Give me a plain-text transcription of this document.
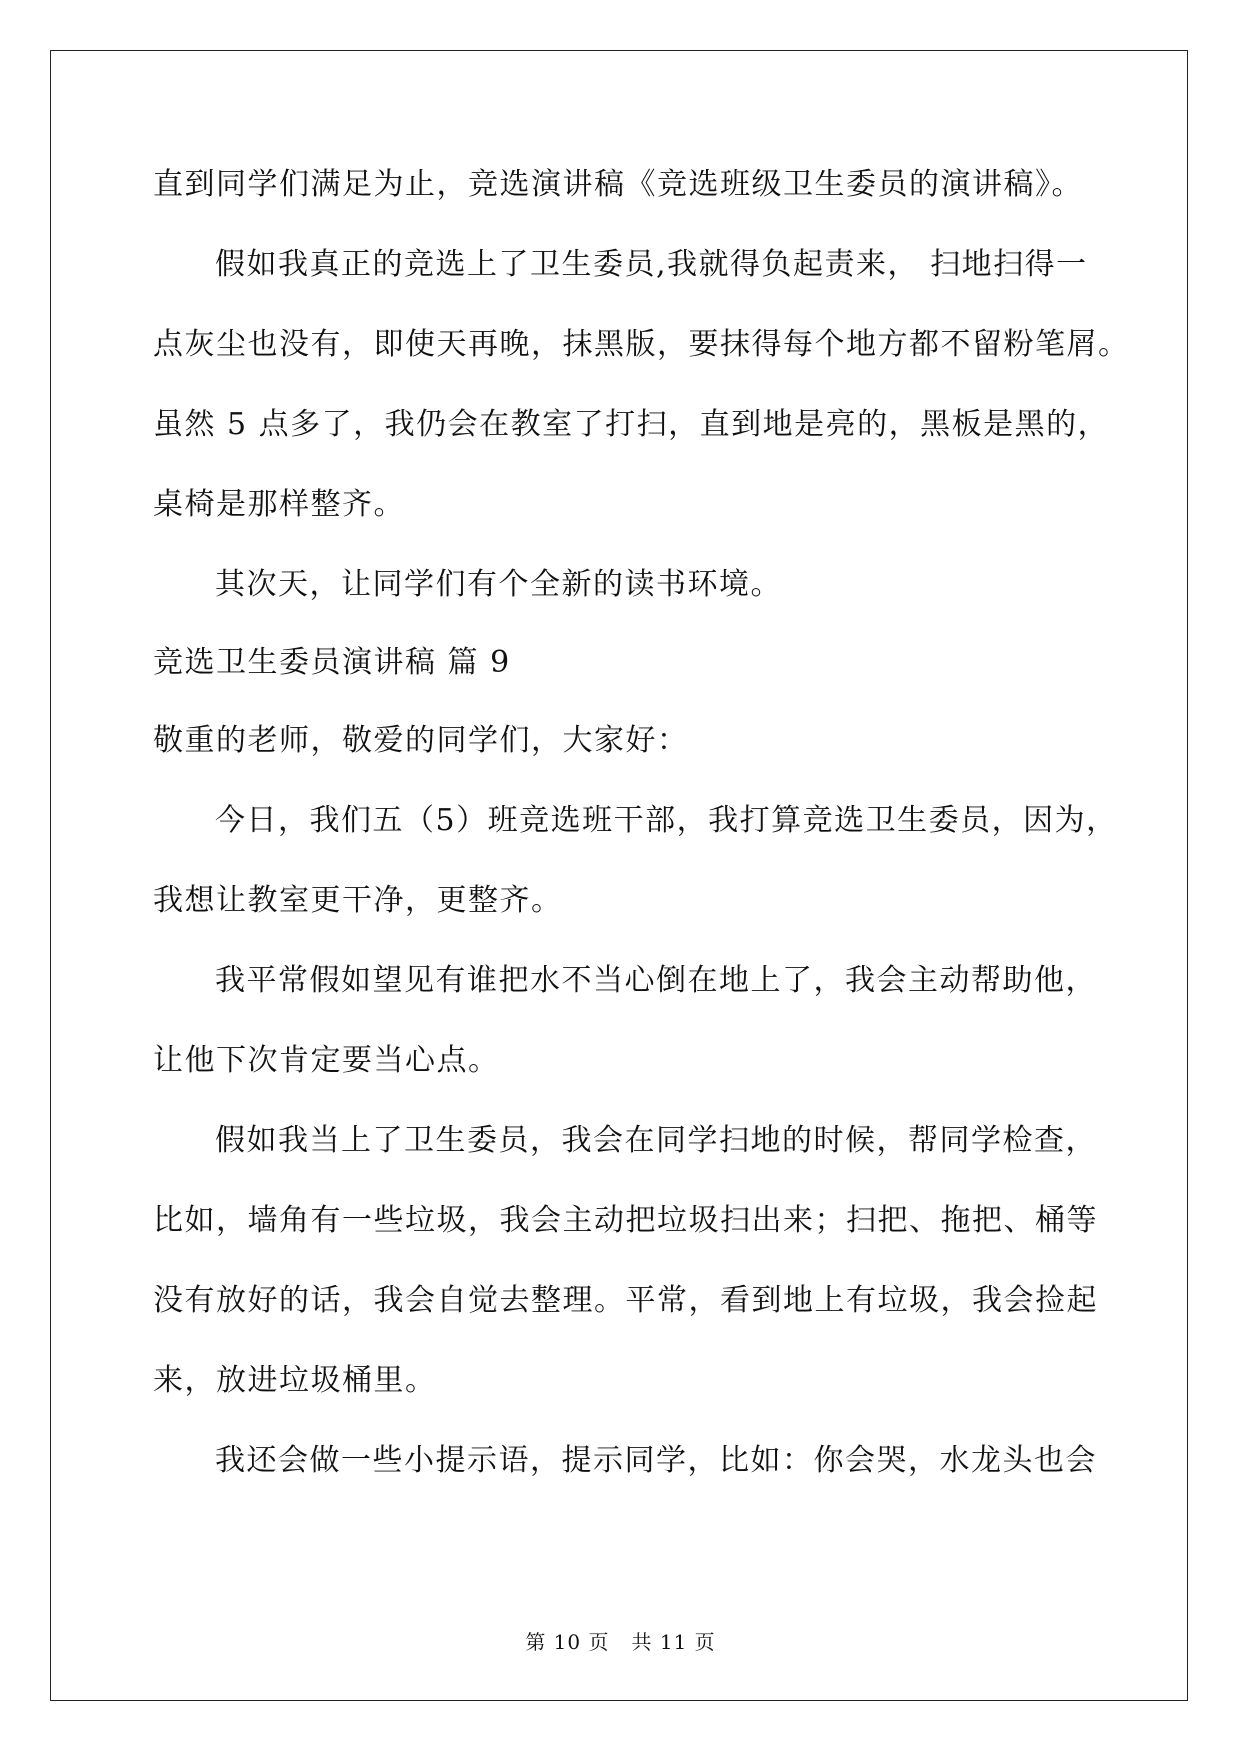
直到同学们满足为止，竞选演讲稿《竞选班级卫生委员的演讲稿》。
假如我真正的竞选上了卫生委员,我就得负起责来， 扫地扫得一
点灰尘也没有，即使天再晚，抹黑版，要抹得每个地方都不留粉笔屑。
虽然 5 点多了，我仍会在教室了打扫，直到地是亮的，黑板是黑的，
桌椅是那样整齐。
其次天，让同学们有个全新的读书环境。
竞选卫生委员演讲稿 篇 9
敬重的老师，敬爱的同学们，大家好：
今日，我们五（5）班竞选班干部，我打算竞选卫生委员，因为，
我想让教室更干净，更整齐。
我平常假如望见有谁把水不当心倒在地上了，我会主动帮助他，
让他下次肯定要当心点。
假如我当上了卫生委员，我会在同学扫地的时候，帮同学检查，
比如，墙角有一些垃圾，我会主动把垃圾扫出来；扫把、拖把、桶等
没有放好的话，我会自觉去整理。平常，看到地上有垃圾，我会捡起
来，放进垃圾桶里。
我还会做一些小提示语，提示同学，比如：你会哭，水龙头也会
第 10 页 共 11 页
